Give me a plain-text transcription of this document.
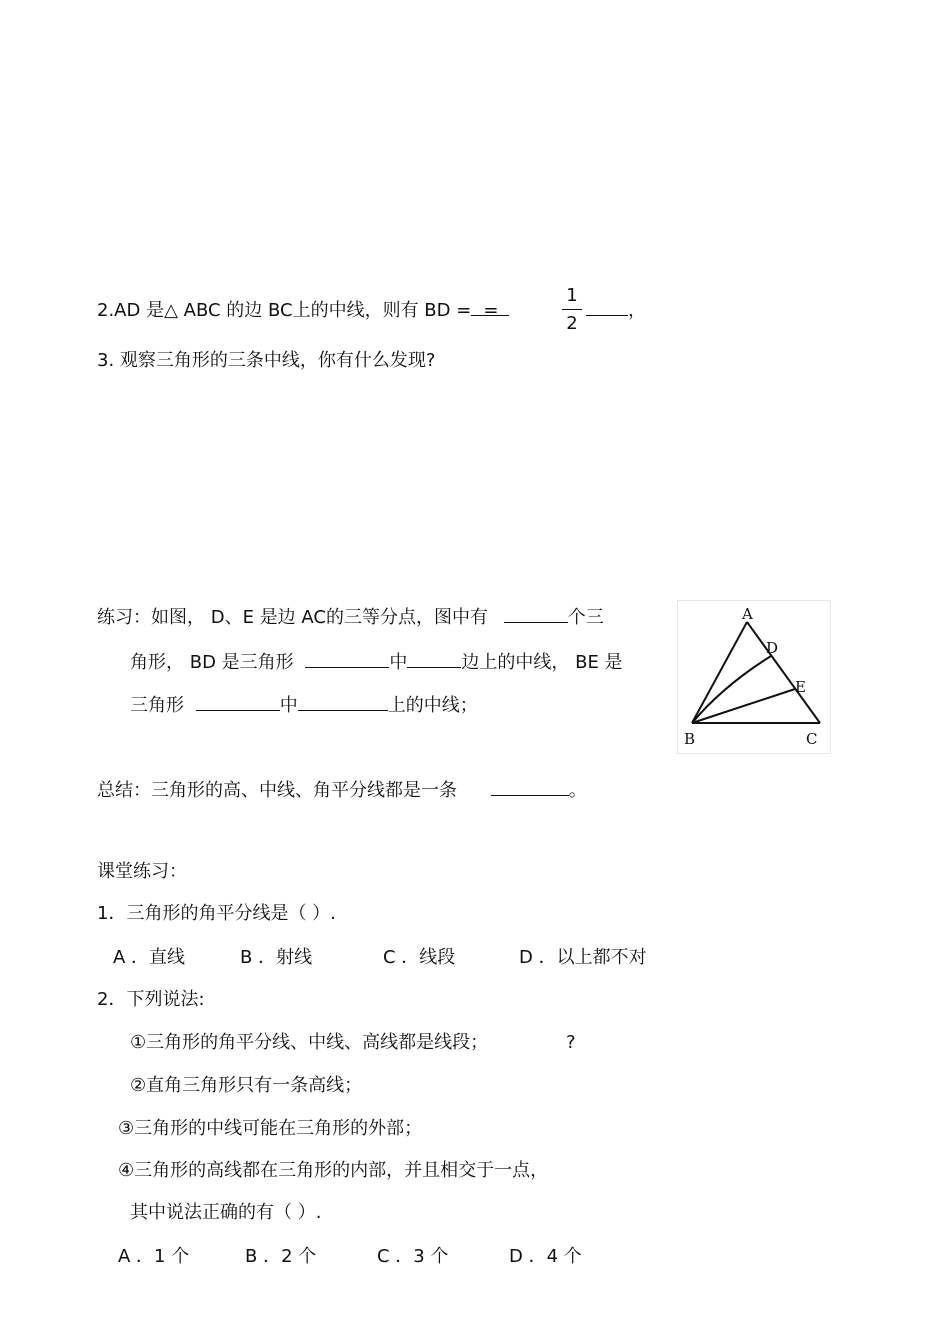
2.AD 是△ ABC 的边 BC上的中线，则有 BD = =
1
2
，
3. 观察三角形的三条中线，你有什么发现?
练习：如图， D、E 是边 AC的三等分点，图中有	个三
角形， BD 是三角形	中	边上的中线， BE 是
三角形	中	上的中线；
A
D
E
B	C
总结：三角形的高、中线、角平分线都是一条	。
课堂练习：
1．三角形的角平分线是（ ）.
A ．直线	B ．射线	C ．线段	D ．以上都不对
2．下列说法:
①三角形的角平分线、中线、高线都是线段；	?
②直角三角形只有一条高线；
③三角形的中线可能在三角形的外部；
④三角形的高线都在三角形的内部，并且相交于一点，
其中说法正确的有（ ）.
A ．1 个	B ．2 个	C ．3 个	D ．4 个
